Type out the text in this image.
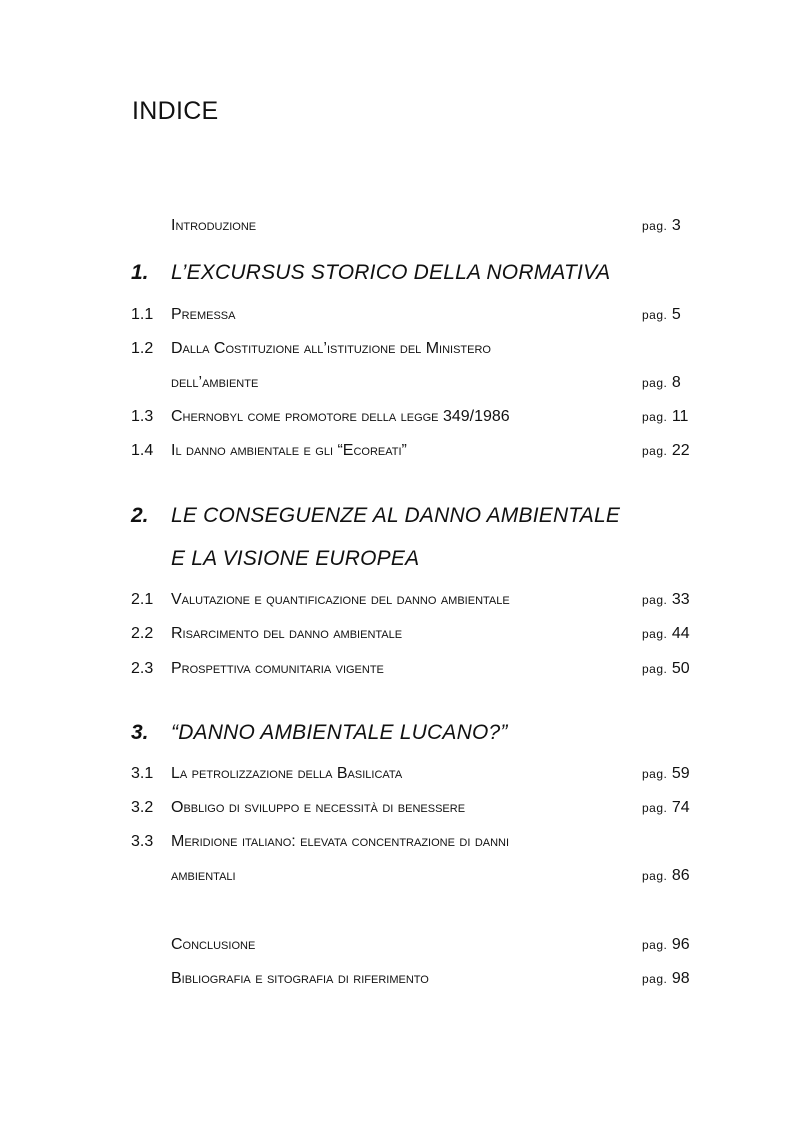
INDICE
Introduzione	pag. 3
1. L’EXCURSUS STORICO DELLA NORMATIVA
1.1 Premessa	pag. 5
1.2 Dalla Costituzione all’istituzione del Ministero
dell’ambiente	pag. 8
1.3 Chernobyl come promotore della legge 349/1986	pag. 11
1.4 Il danno ambientale e gli “Ecoreati”	pag. 22
2. LE CONSEGUENZE AL DANNO AMBIENTALE
E LA VISIONE EUROPEA
2.1 Valutazione e quantificazione del danno ambientale	pag. 33
2.2 Risarcimento del danno ambientale	pag. 44
2.3 Prospettiva comunitaria vigente	pag. 50
3. “DANNO AMBIENTALE LUCANO?”
3.1 La petrolizzazione della Basilicata	pag. 59
3.2 Obbligo di sviluppo e necessità di benessere	pag. 74
3.3 Meridione italiano: elevata concentrazione di danni
ambientali	pag. 86
Conclusione	pag. 96
Bibliografia e sitografia di riferimento	pag. 98
